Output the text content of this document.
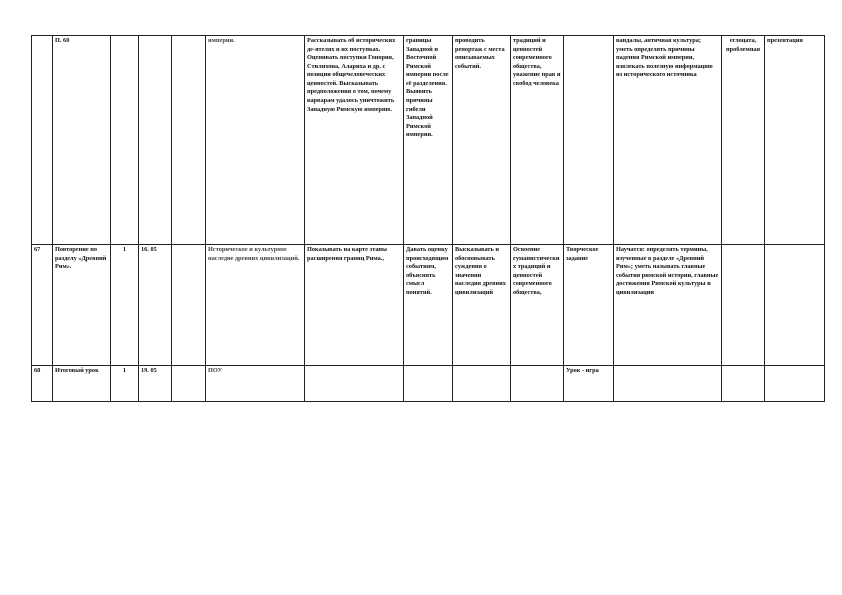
	П. 60				империи.	Рассказывать об исторических де-ятелях и их поступках. Оценивать поступки Гонория, Стилихона, Алариха и др. с позиции общечеловеческих ценностей. Высказывать предположения о том, почему варварам удалось уничтожить Западную Римскую империю.	границы Западной и Восточной Римской империи после её разделения. Выявить причины гибели Западной Римской империи.	проводить репортаж с места описываемых событий.	традиций и ценностей современного общества, уважение прав и свобод человека		вандалы, античная культура; уметь определять причины падения Римской империи, извлекать полезную информацию из исторического источника	еглоцата, проблемная	презентация
67	Повторение по разделу «Древний Рим».	1	16. 05		Историческое и культурное наследие древних цивилизаций.	Показывать на карте этапы расширения границ Рима.,	Давать оценку происходящим событиям, объяснять смысл понятий.	Высказывать и обосновывать суждения о значении наследия древних цивилизаций	Освоение гуманистических традиций и ценностей современного общества,	Творческое задание	Научатся: определять термины, изученные в разделе «Древний Рим»; уметь называть главные события римской истории, главные достижения Римской культуры и цивилизации		
68	Итоговый урок	1	19. 05		ПОУ					Урок - игра			
